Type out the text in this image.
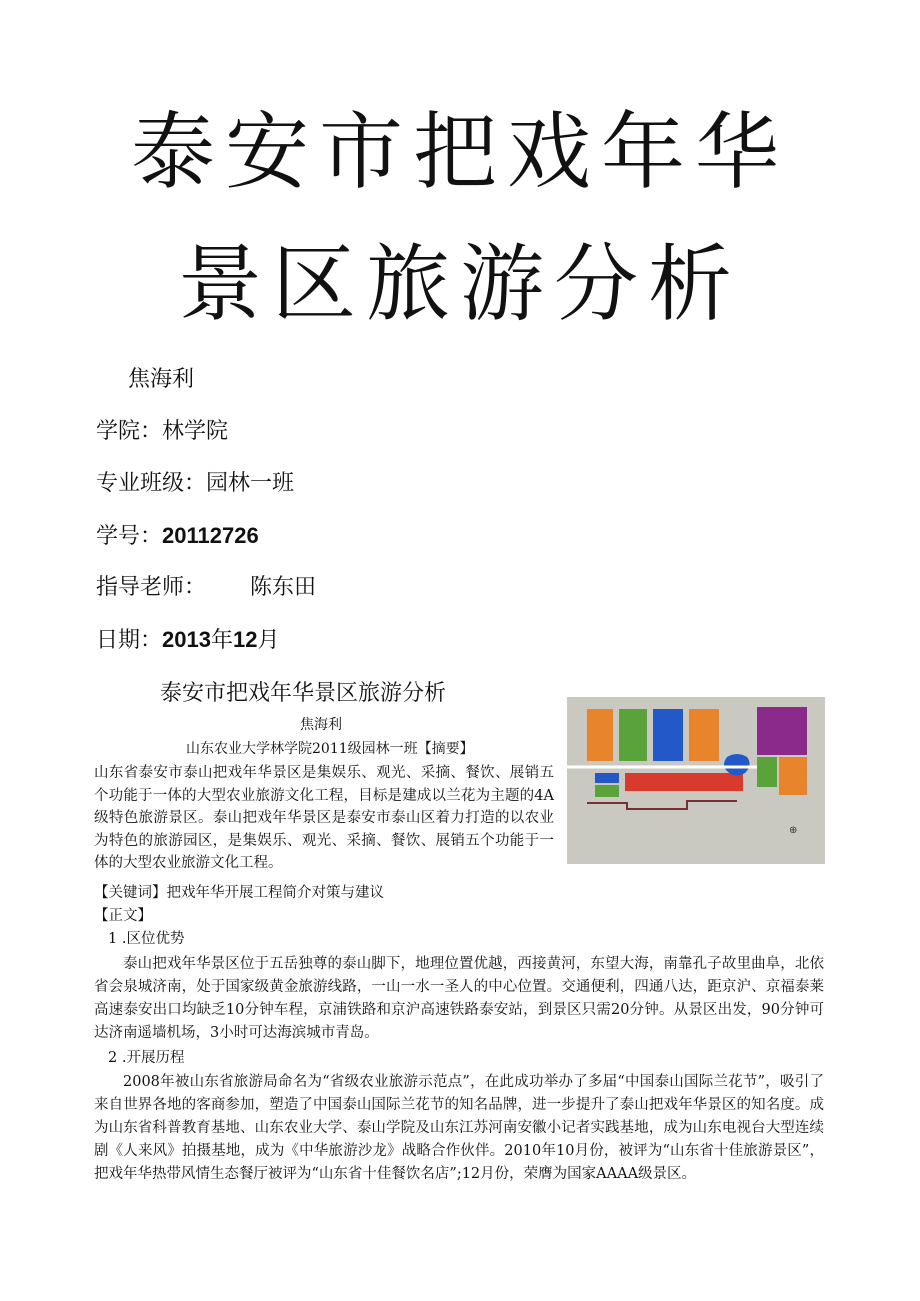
泰安市把戏年华
景区旅游分析
焦海利
学院：林学院
专业班级：园林一班
学号：20112726
指导老师： 陈东田
日期：2013年12月
泰安市把戏年华景区旅游分析
焦海利
山东农业大学林学院2011级园林一班【摘要】
山东省泰安市泰山把戏年华景区是集娱乐、观光、采摘、餐饮、展销五个功能于一体的大型农业旅游文化工程，目标是建成以兰花为主题的4A级特色旅游景区。泰山把戏年华景区是泰安市泰山区着力打造的以农业为特色的旅游园区，是集娱乐、观光、采摘、餐饮、展销五个功能于一体的大型农业旅游文化工程。
⊕
【关键词】把戏年华开展工程简介对策与建议
【正文】
1 .区位优势
泰山把戏年华景区位于五岳独尊的泰山脚下，地理位置优越，西接黄河，东望大海，南靠孔子故里曲阜，北依省会泉城济南，处于国家级黄金旅游线路，一山一水一圣人的中心位置。交通便利，四通八达，距京沪、京福泰莱高速泰安出口均缺乏10分钟车程，京浦铁路和京沪高速铁路泰安站，到景区只需20分钟。从景区出发，90分钟可达济南遥墙机场，3小时可达海滨城市青岛。
2 .开展历程
2008年被山东省旅游局命名为“省级农业旅游示范点”，在此成功举办了多届“中国泰山国际兰花节”，吸引了来自世界各地的客商参加，塑造了中国泰山国际兰花节的知名品牌，进一步提升了泰山把戏年华景区的知名度。成为山东省科普教育基地、山东农业大学、泰山学院及山东江苏河南安徽小记者实践基地，成为山东电视台大型连续剧《人来风》拍摄基地，成为《中华旅游沙龙》战略合作伙伴。2010年10月份，被评为“山东省十佳旅游景区”，把戏年华热带风情生态餐厅被评为“山东省十佳餐饮名店”;12月份，荣膺为国家AAAA级景区。
